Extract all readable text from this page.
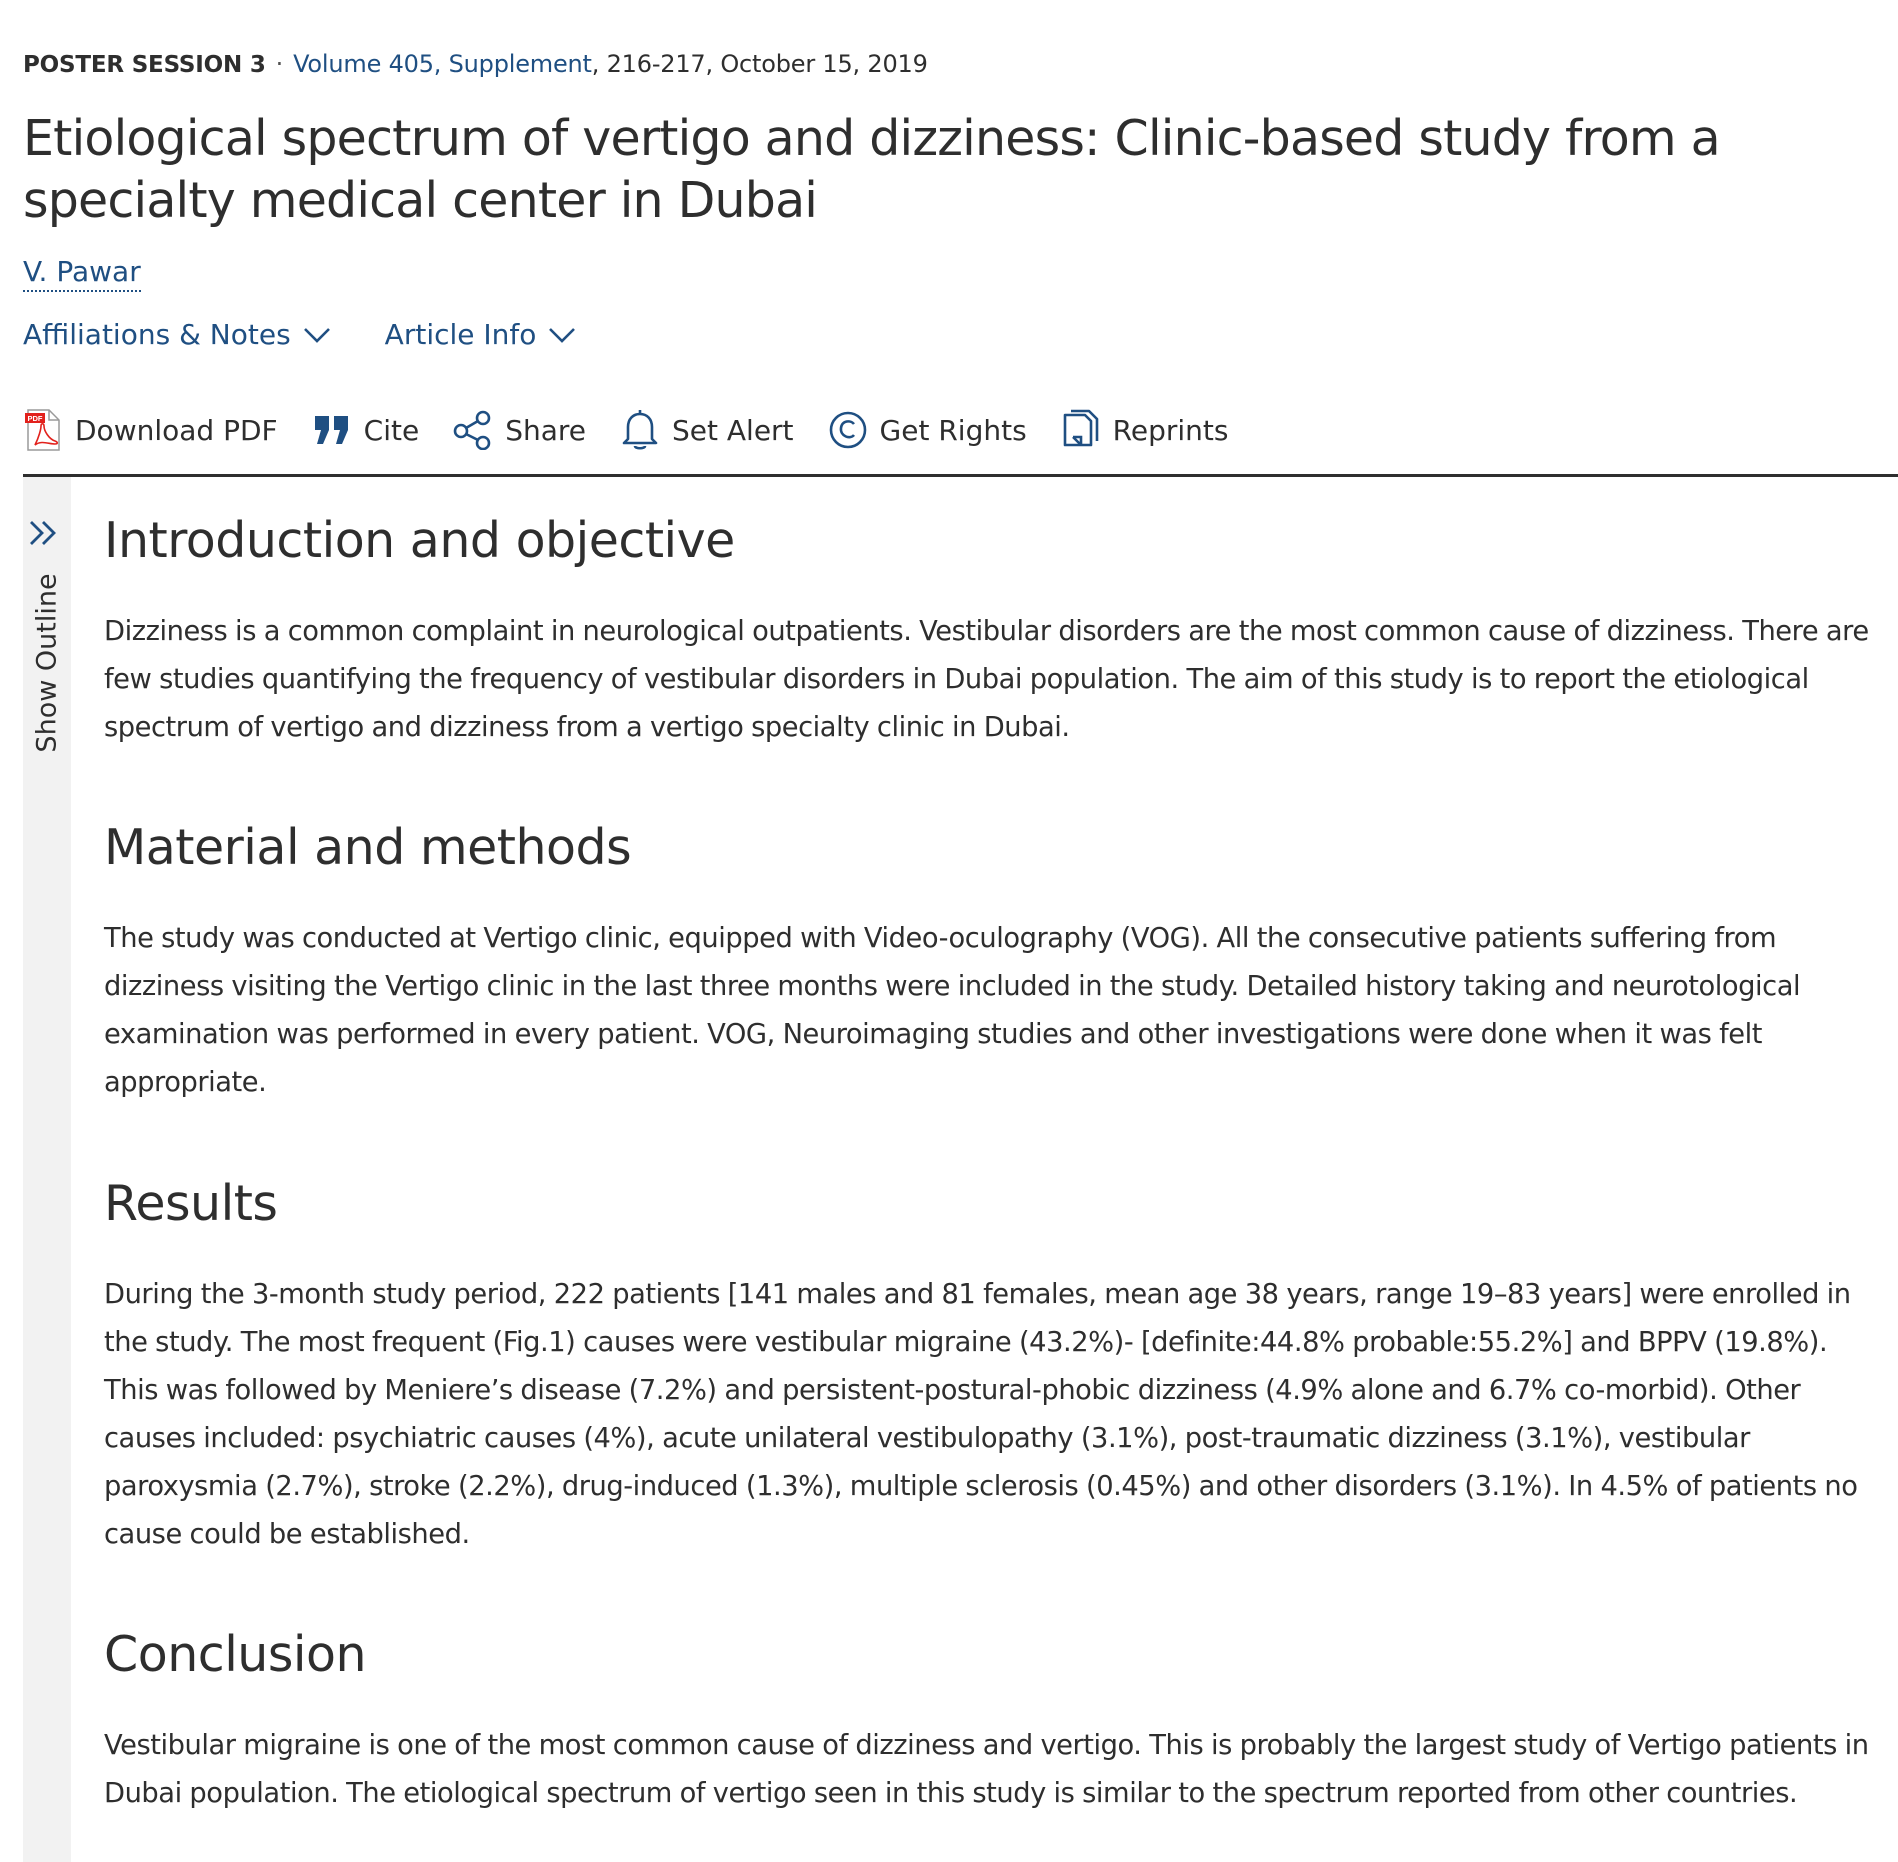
POSTER SESSION 3 · Volume 405, Supplement, 216-217, October 15, 2019
Etiological spectrum of vertigo and dizziness: Clinic-based study from a specialty medical center in Dubai
V. Pawar
Affiliations & Notes	Article Info
PDF Download PDF	Cite	Share	Set Alert	Get Rights	Reprints
Show Outline
Introduction and objective

Dizziness is a common complaint in neurological outpatients. Vestibular disorders are the most common cause of dizziness. There are few studies quantifying the frequency of vestibular disorders in Dubai population. The aim of this study is to report the etiological spectrum of vertigo and dizziness from a vertigo specialty clinic in Dubai.

Material and methods

The study was conducted at Vertigo clinic, equipped with Video-oculography (VOG). All the consecutive patients suffering from dizziness visiting the Vertigo clinic in the last three months were included in the study. Detailed history taking and neurotological examination was performed in every patient. VOG, Neuroimaging studies and other investigations were done when it was felt appropriate.

Results

During the 3-month study period, 222 patients [141 males and 81 females, mean age 38 years, range 19–83 years] were enrolled in the study. The most frequent (Fig.1) causes were vestibular migraine (43.2%)- [definite:44.8% probable:55.2%] and BPPV (19.8%). This was followed by Meniere’s disease (7.2%) and persistent-postural-phobic dizziness (4.9% alone and 6.7% co-morbid). Other causes included: psychiatric causes (4%), acute unilateral vestibulopathy (3.1%), post-traumatic dizziness (3.1%), vestibular paroxysmia (2.7%), stroke (2.2%), drug-induced (1.3%), multiple sclerosis (0.45%) and other disorders (3.1%). In 4.5% of patients no cause could be established.

Conclusion

Vestibular migraine is one of the most common cause of dizziness and vertigo. This is probably the largest study of Vertigo patients in Dubai population. The etiological spectrum of vertigo seen in this study is similar to the spectrum reported from other countries.
